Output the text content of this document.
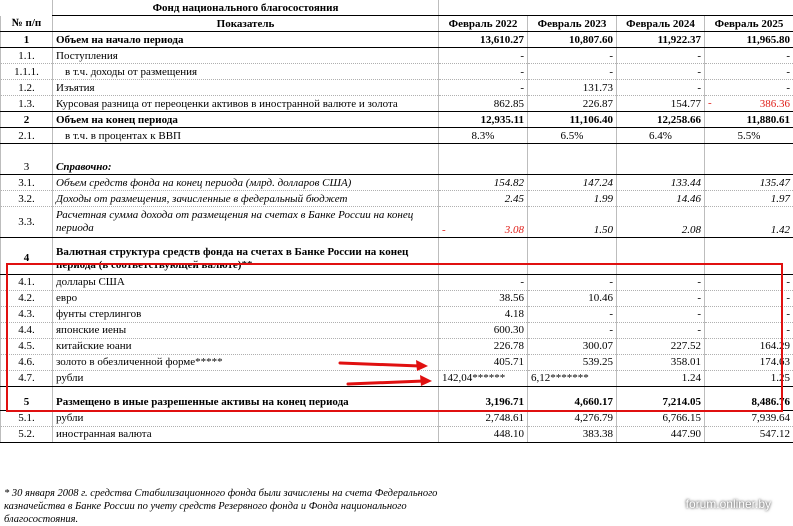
	Фонд национального благосостояния				
№ п/п	Показатель	Февраль 2022	Февраль 2023	Февраль 2024	Февраль 2025
1	Объем на начало периода	13,610.27	10,807.60	11,922.37	11,965.80
1.1.	Поступления	-	-	-	-
1.1.1.	в т.ч. доходы от размещения	-	-	-	-
1.2.	Изъятия	-	131.73	-	-
1.3.	Курсовая разница от переоценки активов в иностранной валюте и золота	862.85	226.87	154.77	- 386.36
2	Объем на конец периода	12,935.11	11,106.40	12,258.66	11,880.61
2.1.	в т.ч. в процентах к ВВП	8.3%	6.5%	6.4%	5.5%

3	Справочно:				
3.1.	Объем средств фонда на конец периода (млрд. долларов США)	154.82	147.24	133.44	135.47
3.2.	Доходы от размещения, зачисленные в федеральный бюджет	2.45	1.99	14.46	1.97
3.3.	Расчетная сумма дохода от размещения на счетах в Банке России на конец периода	- 3.08	1.50	2.08	1.42

4	Валютная структура средств фонда на счетах в Банке России на конец периода (в соответствующей валюте)**				
4.1.	доллары США	-	-	-	-
4.2.	евро	38.56	10.46	-	-
4.3.	фунты стерлингов	4.18	-	-	-
4.4.	японские иены	600.30	-	-	-
4.5.	китайские юани	226.78	300.07	227.52	164.29
4.6.	золото в обезличенной форме*****	405.71	539.25	358.01	174.63
4.7.	рубли	142,04******	6,12*******	1.24	1.25

5	Размещено в иные разрешенные активы на конец периода	3,196.71	4,660.17	7,214.05	8,486.76
5.1.	рубли	2,748.61	4,276.79	6,766.15	7,939.64
5.2.	иностранная валюта	448.10	383.38	447.90	547.12
* 30 января 2008 г. средства Стабилизационного фонда были зачислены на счета Федерального казначейства в Банке России по учету средств Резервного фонда и Фонда национального благосостояния.
forum.onliner.by
